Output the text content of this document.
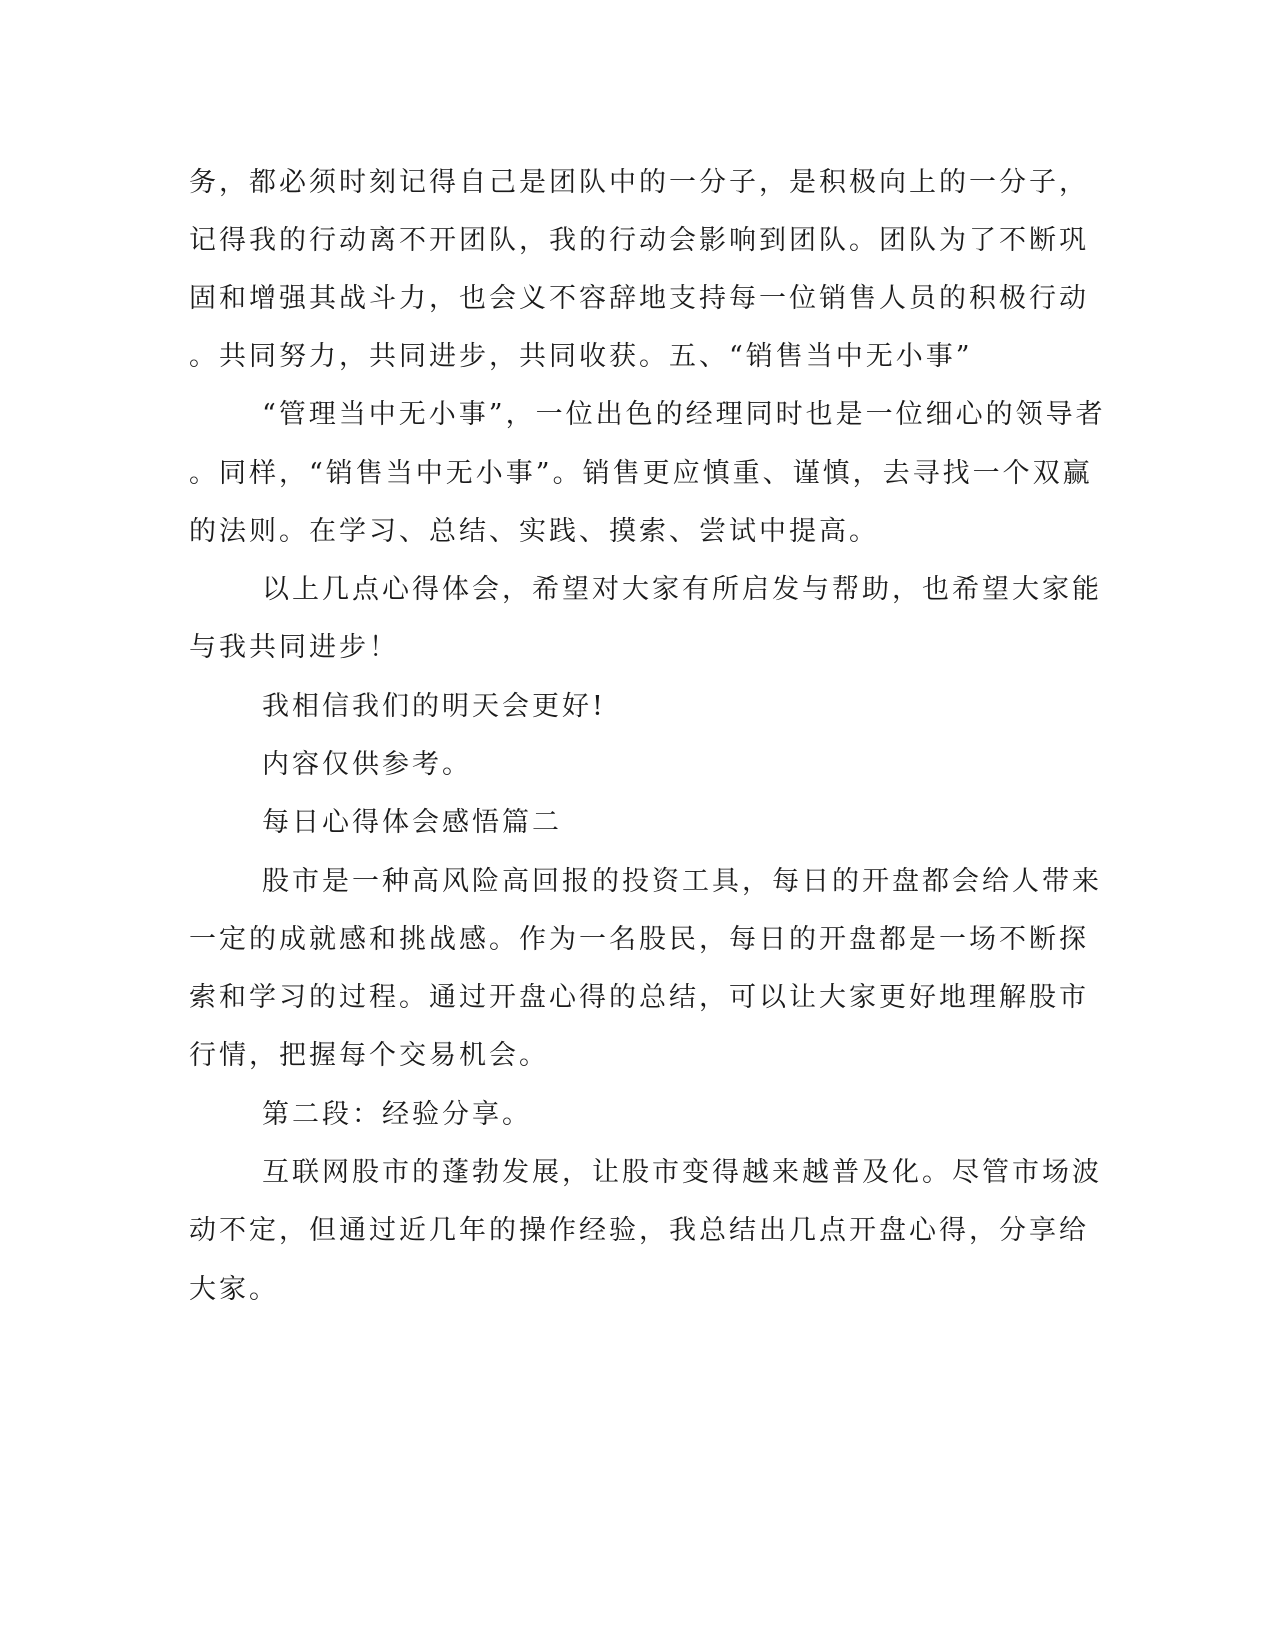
务，都必须时刻记得自己是团队中的一分子，是积极向上的一分子，
记得我的行动离不开团队，我的行动会影响到团队。团队为了不断巩
固和增强其战斗力，也会义不容辞地支持每一位销售人员的积极行动
。共同努力，共同进步，共同收获。五、“销售当中无小事”
“管理当中无小事”，一位出色的经理同时也是一位细心的领导者
。同样，“销售当中无小事”。销售更应慎重、谨慎，去寻找一个双赢
的法则。在学习、总结、实践、摸索、尝试中提高。
以上几点心得体会，希望对大家有所启发与帮助，也希望大家能
与我共同进步！
我相信我们的明天会更好!
内容仅供参考。
每日心得体会感悟篇二
股市是一种高风险高回报的投资工具，每日的开盘都会给人带来
一定的成就感和挑战感。作为一名股民，每日的开盘都是一场不断探
索和学习的过程。通过开盘心得的总结，可以让大家更好地理解股市
行情，把握每个交易机会。
第二段：经验分享。
互联网股市的蓬勃发展，让股市变得越来越普及化。尽管市场波
动不定，但通过近几年的操作经验，我总结出几点开盘心得，分享给
大家。
